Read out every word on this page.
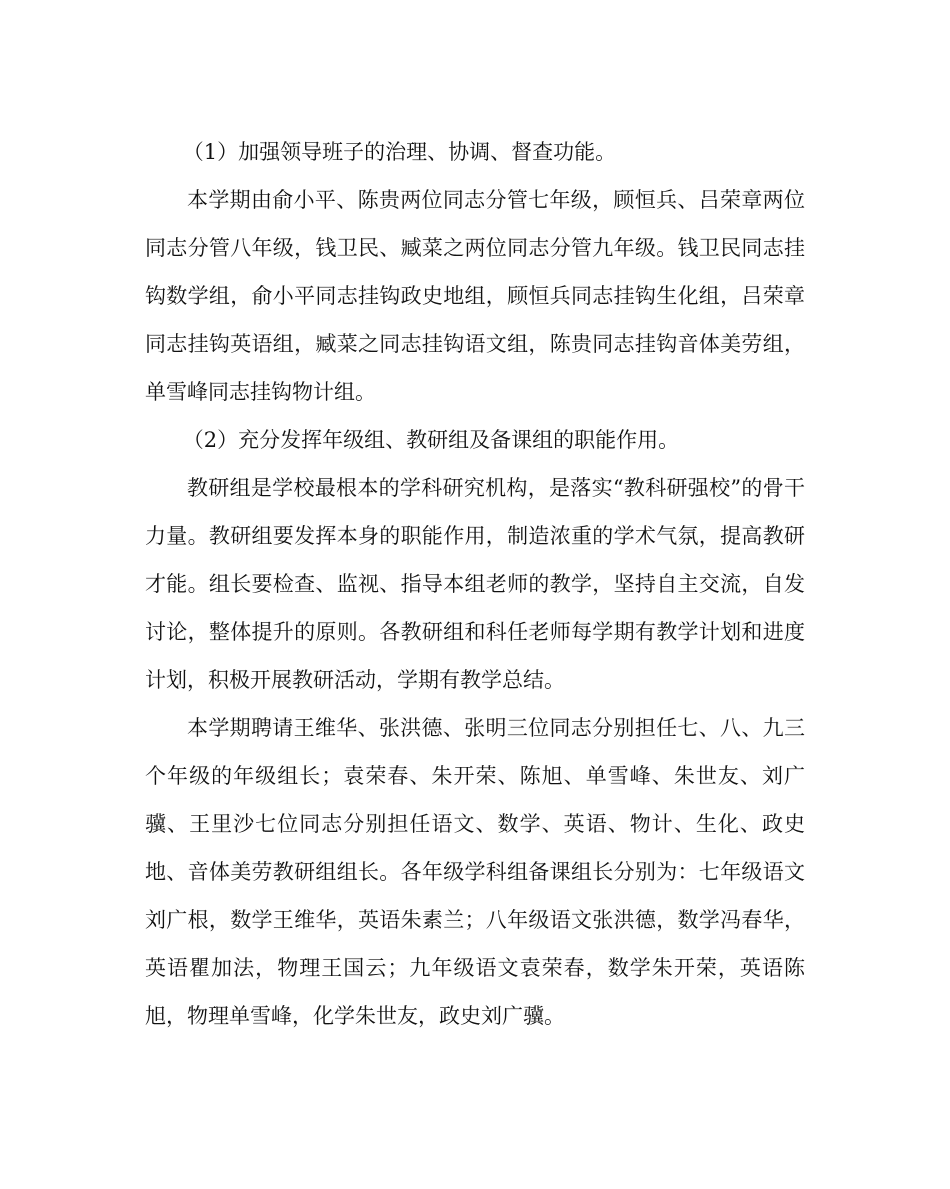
（1）加强领导班子的治理、协调、督查功能。

本学期由俞小平、陈贵两位同志分管七年级，顾恒兵、吕荣章两位同志分管八年级，钱卫民、臧菜之两位同志分管九年级。钱卫民同志挂钩数学组，俞小平同志挂钩政史地组，顾恒兵同志挂钩生化组，吕荣章同志挂钩英语组，臧菜之同志挂钩语文组，陈贵同志挂钩音体美劳组，单雪峰同志挂钩物计组。

（2）充分发挥年级组、教研组及备课组的职能作用。

教研组是学校最根本的学科研究机构，是落实“教科研强校”的骨干力量。教研组要发挥本身的职能作用，制造浓重的学术气氛，提高教研才能。组长要检查、监视、指导本组老师的教学，坚持自主交流，自发讨论，整体提升的原则。各教研组和科任老师每学期有教学计划和进度计划，积极开展教研活动，学期有教学总结。

本学期聘请王维华、张洪德、张明三位同志分别担任七、八、九三个年级的年级组长；袁荣春、朱开荣、陈旭、单雪峰、朱世友、刘广骥、王里沙七位同志分别担任语文、数学、英语、物计、生化、政史地、音体美劳教研组组长。各年级学科组备课组长分别为：七年级语文刘广根，数学王维华，英语朱素兰；八年级语文张洪德，数学冯春华，英语瞿加法，物理王国云；九年级语文袁荣春，数学朱开荣，英语陈旭，物理单雪峰，化学朱世友，政史刘广骥。
